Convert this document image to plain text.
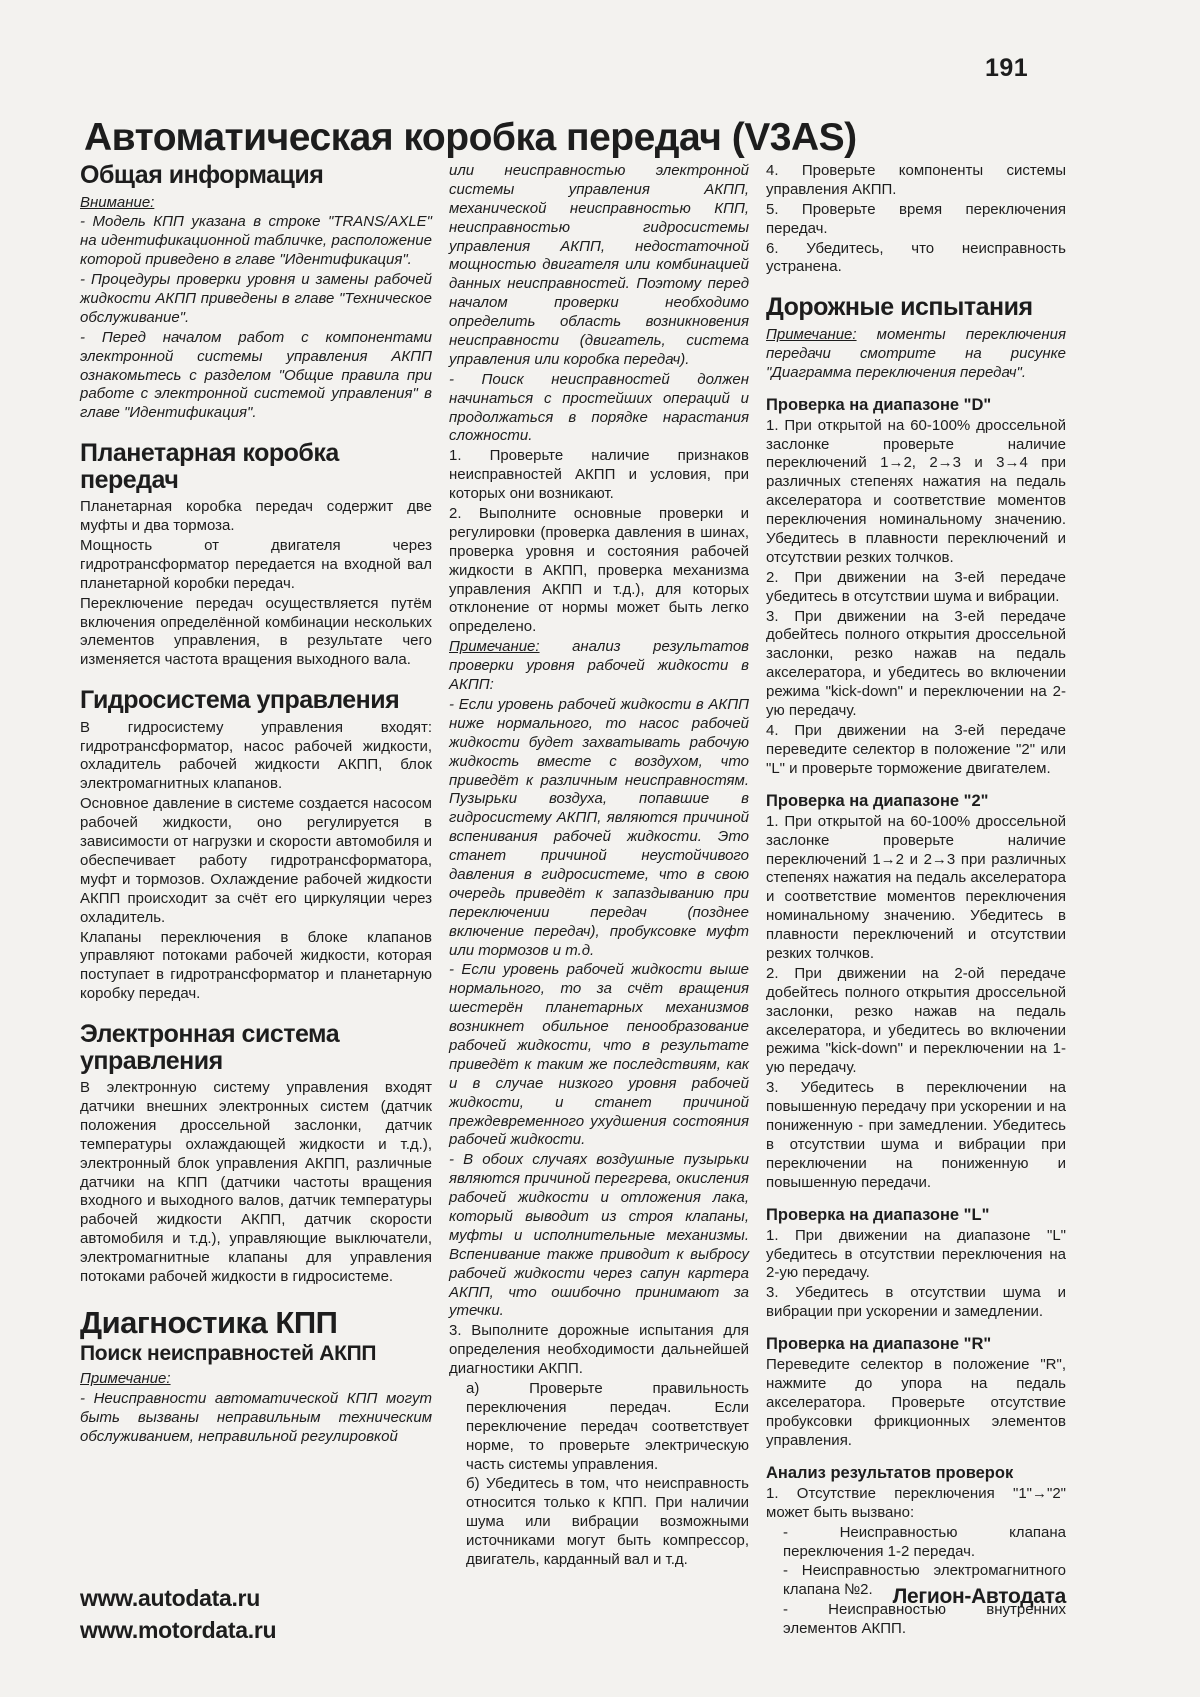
191
Автоматическая коробка передач (V3AS)
Общая информация

Внимание:

- Модель КПП указана в строке "TRANS/AXLE" на идентификационной табличке, расположение которой приведено в главе "Идентификация".

- Процедуры проверки уровня и замены рабочей жидкости АКПП приведены в главе "Техническое обслуживание".

- Перед началом работ с компонентами электронной системы управления АКПП ознакомьтесь с разделом "Общие правила при работе с электронной системой управления" в главе "Идентификация".

Планетарная коробка передач

Планетарная коробка передач содержит две муфты и два тормоза.

Мощность от двигателя через гидротрансформатор передается на входной вал планетарной коробки передач.

Переключение передач осуществляется путём включения определённой комбинации нескольких элементов управления, в результате чего изменяется частота вращения выходного вала.

Гидросистема управления

В гидросистему управления входят: гидротрансформатор, насос рабочей жидкости, охладитель рабочей жидкости АКПП, блок электромагнитных клапанов.

Основное давление в системе создается насосом рабочей жидкости, оно регулируется в зависимости от нагрузки и скорости автомобиля и обеспечивает работу гидротрансформатора, муфт и тормозов. Охлаждение рабочей жидкости АКПП происходит за счёт его циркуляции через охладитель.

Клапаны переключения в блоке клапанов управляют потоками рабочей жидкости, которая поступает в гидротрансформатор и планетарную коробку передач.

Электронная система управления

В электронную систему управления входят датчики внешних электронных систем (датчик положения дроссельной заслонки, датчик температуры охлаждающей жидкости и т.д.), электронный блок управления АКПП, различные датчики на КПП (датчики частоты вращения входного и выходного валов, датчик температуры рабочей жидкости АКПП, датчик скорости автомобиля и т.д.), управляющие выключатели, электромагнитные клапаны для управления потоками рабочей жидкости в гидросистеме.

Диагностика КПП
Поиск неисправностей АКПП

Примечание:

- Неисправности автоматической КПП могут быть вызваны неправильным техническим обслуживанием, неправильной регулировкой

или неисправностью электронной системы управления АКПП, механической неисправностью КПП, неисправностью гидросистемы управления АКПП, недостаточной мощностью двигателя или комбинацией данных неисправностей. Поэтому перед началом проверки необходимо определить область возникновения неисправности (двигатель, система управления или коробка передач).

- Поиск неисправностей должен начинаться с простейших операций и продолжаться в порядке нарастания сложности.

1. Проверьте наличие признаков неисправностей АКПП и условия, при которых они возникают.

2. Выполните основные проверки и регулировки (проверка давления в шинах, проверка уровня и состояния рабочей жидкости в АКПП, проверка механизма управления АКПП и т.д.), для которых отклонение от нормы может быть легко определено.

Примечание: анализ результатов проверки уровня рабочей жидкости в АКПП:

- Если уровень рабочей жидкости в АКПП ниже нормального, то насос рабочей жидкости будет захватывать рабочую жидкость вместе с воздухом, что приведёт к различным неисправностям. Пузырьки воздуха, попавшие в гидросистему АКПП, являются причиной вспенивания рабочей жидкости. Это станет причиной неустойчивого давления в гидросистеме, что в свою очередь приведёт к запаздыванию при переключении передач (позднее включение передач), пробуксовке муфт или тормозов и т.д.

- Если уровень рабочей жидкости выше нормального, то за счёт вращения шестерён планетарных механизмов возникнет обильное пенообразование рабочей жидкости, что в результате приведёт к таким же последствиям, как и в случае низкого уровня рабочей жидкости, и станет причиной преждевременного ухудшения состояния рабочей жидкости.

- В обоих случаях воздушные пузырьки являются причиной перегрева, окисления рабочей жидкости и отложения лака, который выводит из строя клапаны, муфты и исполнительные механизмы. Вспенивание также приводит к выбросу рабочей жидкости через сапун картера АКПП, что ошибочно принимают за утечки.

3. Выполните дорожные испытания для определения необходимости дальнейшей диагностики АКПП.

а) Проверьте правильность переключения передач. Если переключение передач соответствует норме, то проверьте электрическую часть системы управления.

б) Убедитесь в том, что неисправность относится только к КПП. При наличии шума или вибрации возможными источниками могут быть компрессор, двигатель, карданный вал и т.д.

4. Проверьте компоненты системы управления АКПП.

5. Проверьте время переключения передач.

6. Убедитесь, что неисправность устранена.

Дорожные испытания

Примечание: моменты переключения передачи смотрите на рисунке "Диаграмма переключения передач".

Проверка на диапазоне "D"

1. При открытой на 60-100% дроссельной заслонке проверьте наличие переключений 1→2, 2→3 и 3→4 при различных степенях нажатия на педаль акселератора и соответствие моментов переключения номинальному значению. Убедитесь в плавности переключений и отсутствии резких толчков.

2. При движении на 3-ей передаче убедитесь в отсутствии шума и вибрации.

3. При движении на 3-ей передаче добейтесь полного открытия дроссельной заслонки, резко нажав на педаль акселератора, и убедитесь во включении режима "kick-down" и переключении на 2-ую передачу.

4. При движении на 3-ей передаче переведите селектор в положение "2" или "L" и проверьте торможение двигателем.

Проверка на диапазоне "2"

1. При открытой на 60-100% дроссельной заслонке проверьте наличие переключений 1→2 и 2→3 при различных степенях нажатия на педаль акселератора и соответствие моментов переключения номинальному значению. Убедитесь в плавности переключений и отсутствии резких толчков.

2. При движении на 2-ой передаче добейтесь полного открытия дроссельной заслонки, резко нажав на педаль акселератора, и убедитесь во включении режима "kick-down" и переключении на 1-ую передачу.

3. Убедитесь в переключении на повышенную передачу при ускорении и на пониженную - при замедлении. Убедитесь в отсутствии шума и вибрации при переключении на пониженную и повышенную передачи.

Проверка на диапазоне "L"

1. При движении на диапазоне "L" убедитесь в отсутствии переключения на 2-ую передачу.

3. Убедитесь в отсутствии шума и вибрации при ускорении и замедлении.

Проверка на диапазоне "R"

Переведите селектор в положение "R", нажмите до упора на педаль акселератора. Проверьте отсутствие пробуксовки фрикционных элементов управления.

Анализ результатов проверок

1. Отсутствие переключения "1"→"2" может быть вызвано:

- Неисправностью клапана переключения 1-2 передач.

- Неисправностью электромагнитного клапана №2.

- Неисправностью внутренних элементов АКПП.

www.autodata.ru
www.motordata.ru
Легион-Автодата
